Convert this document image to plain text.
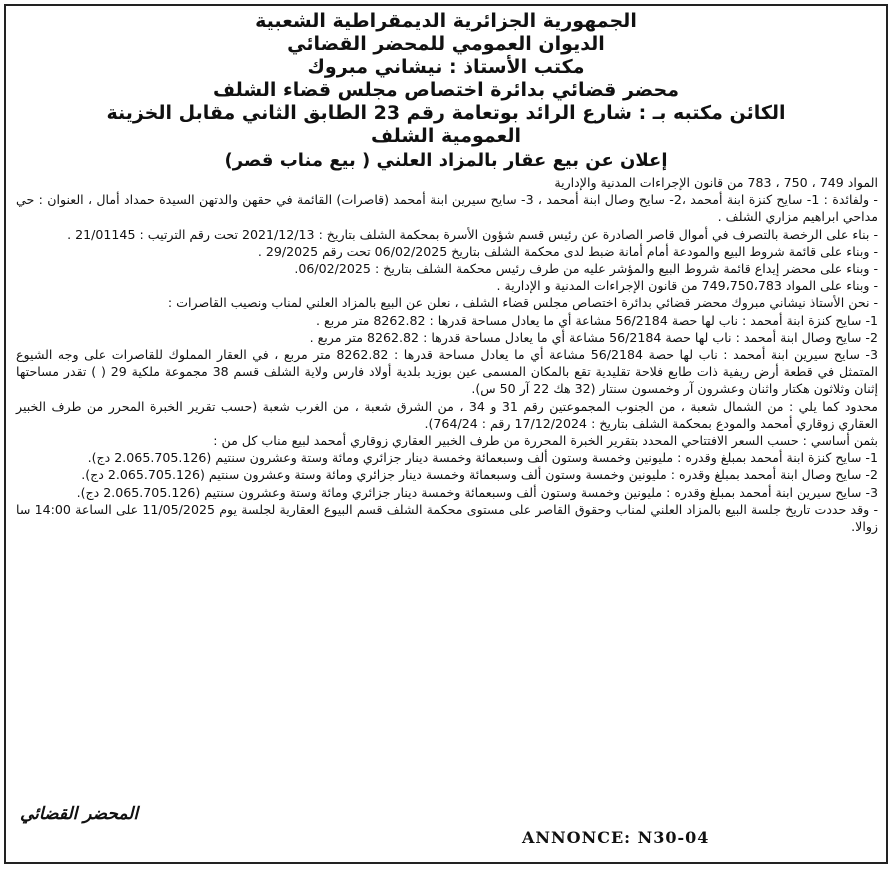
الجمهورية الجزائرية الديمقراطية الشعبية

الديوان العمومي للمحضر القضائي

مكتب الأستاذ : نيشاني مبروك

محضر قضائي بدائرة اختصاص مجلس قضاء الشلف

الكائن مكتبه بـ : شارع الرائد بوتعامة رقم 23 الطابق الثاني مقابل الخزينة

العمومية الشلف

إعلان عن بيع عقار بالمزاد العلني ( بيع مناب قصر)

المواد 749 ، 750 ، 783 من قانون الإجراءات المدنية والإدارية

- ولفائدة : 1- سايح كنزة ابنة أمحمد ،2- سايح وصال ابنة أمحمد ، 3- سايح سيرين ابنة أمحمد (قاصرات) القائمة في حقهن والدتهن السيدة حمداد أمال ، العنوان : حي مداحي ابراهيم مزاري الشلف .

- بناء على الرخصة بالتصرف في أموال قاصر الصادرة عن رئيس قسم شؤون الأسرة بمحكمة الشلف بتاريخ : 2021/12/13 تحت رقم الترتيب : 21/01145 .

- وبناء على قائمة شروط البيع والمودعة أمام أمانة ضبط لدى محكمة الشلف بتاريخ 06/02/2025 تحت رقم 29/2025 .

- وبناء على محضر إيداع قائمة شروط البيع والمؤشر عليه من طرف رئيس محكمة الشلف بتاريخ : 06/02/2025.

- وبناء على المواد 749،750،783 من قانون الإجراءات المدنية و الإدارية .

- نحن الأستاذ نيشاني مبروك محضر قضائي بدائرة اختصاص مجلس قضاء الشلف ، نعلن عن البيع بالمزاد العلني لمناب ونصيب القاصرات :

1- سايح كنزة ابنة أمحمد : ناب لها حصة 56/2184 مشاعة أي ما يعادل مساحة قدرها : 8262.82 متر مربع .

2- سايح وصال ابنة أمحمد : ناب لها حصة 56/2184 مشاعة أي ما يعادل مساحة قدرها : 8262.82 متر مربع .

3- سايح سيرين ابنة أمحمد : ناب لها حصة 56/2184 مشاعة أي ما يعادل مساحة قدرها : 8262.82 متر مربع ، في العقار المملوك للقاصرات على وجه الشيوع المتمثل في قطعة أرض ريفية ذات طابع فلاحة تقليدية تقع بالمكان المسمى عين بوزيد بلدية أولاد فارس ولاية الشلف قسم 38 مجموعة ملكية 29 ( ) تقدر مساحتها إثنان وثلاثون هكتار واثنان وعشرون آر وخمسون سنتار (32 هك 22 آر 50 س).

محدود كما يلي : من الشمال شعبة ، من الجنوب المجموعتين رقم 31 و 34 ، من الشرق شعبة ، من الغرب شعبة (حسب تقرير الخبرة المحرر من طرف الخبير العقاري زوقاري أمحمد والمودع بمحكمة الشلف بتاريخ : 17/12/2024 رقم : 764/24).

بثمن أساسي : حسب السعر الافتتاحي المحدد بتقرير الخبرة المحررة من طرف الخبير العقاري زوقاري أمحمد لبيع مناب كل من :

1- سايح كنزة ابنة أمحمد بمبلغ وقدره : مليونين وخمسة وستون ألف وسبعمائة وخمسة دينار جزائري ومائة وستة وعشرون سنتيم (2.065.705.126 دج).

2- سايح وصال ابنة أمحمد بمبلغ وقدره : مليونين وخمسة وستون ألف وسبعمائة وخمسة دينار جزائري ومائة وستة وعشرون سنتيم (2.065.705.126 دج).

3- سايح سيرين ابنة أمحمد بمبلغ وقدره : مليونين وخمسة وستون ألف وسبعمائة وخمسة دينار جزائري ومائة وستة وعشرون سنتيم (2.065.705.126 دج).

- وقد حددت تاريخ جلسة البيع بالمزاد العلني لمناب وحقوق القاصر على مستوى محكمة الشلف قسم البيوع العقارية لجلسة يوم 11/05/2025 على الساعة 14:00 سا زوالا.

المحضر القضائي
ANNONCE: N30-04
